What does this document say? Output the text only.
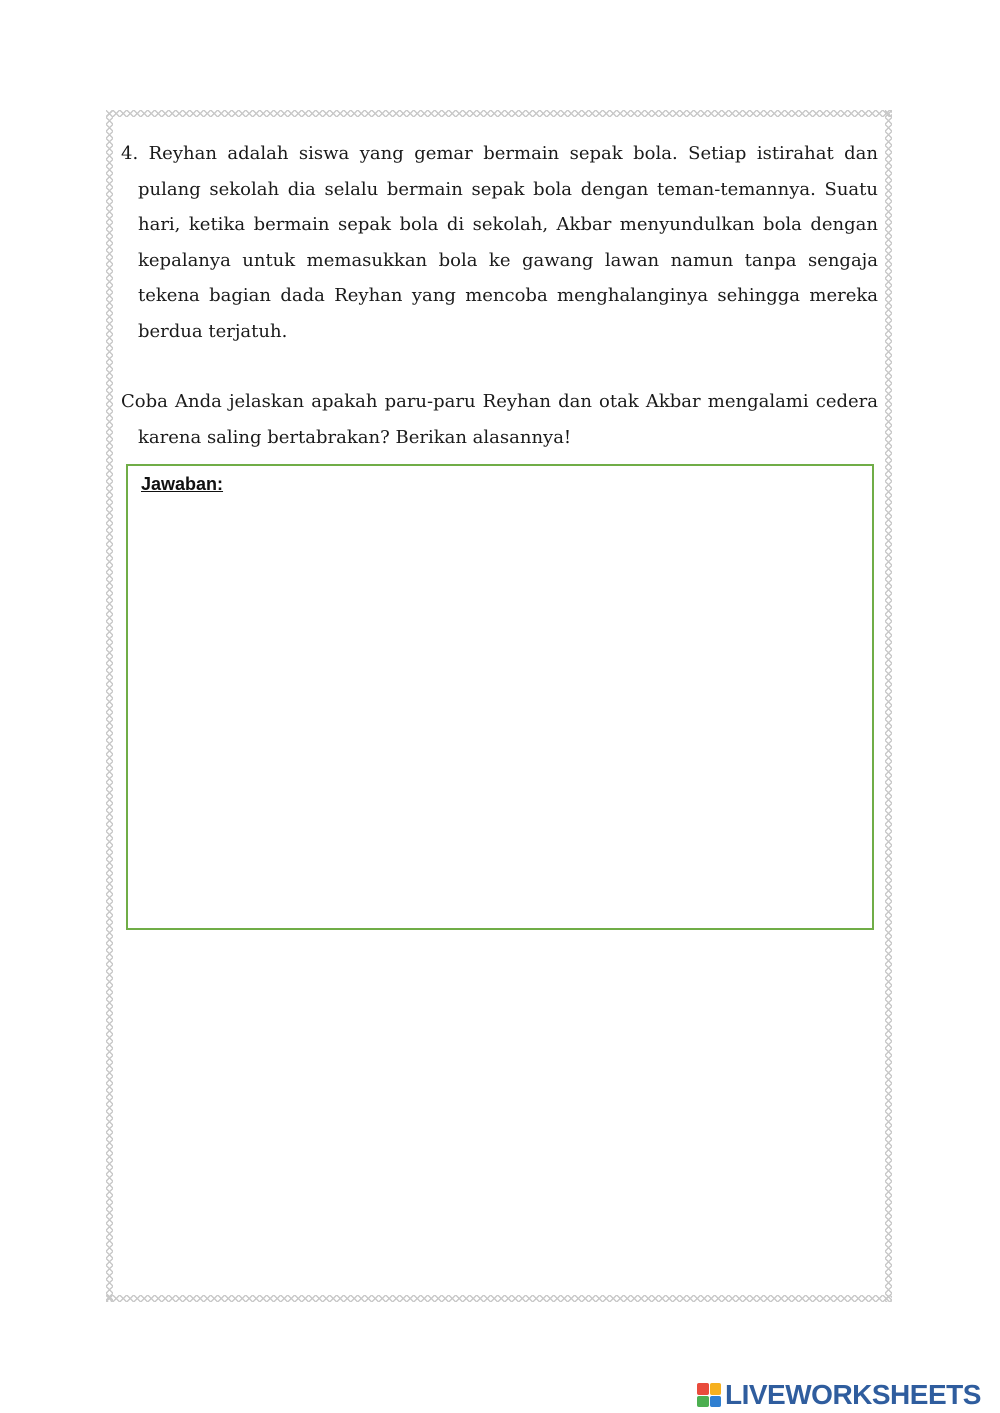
4. Reyhan adalah siswa yang gemar bermain sepak bola. Setiap istirahat dan pulang sekolah dia selalu bermain sepak bola dengan teman-temannya. Suatu hari, ketika bermain sepak bola di sekolah, Akbar menyundulkan bola dengan kepalanya untuk memasukkan bola ke gawang lawan namun tanpa sengaja tekena bagian dada Reyhan yang mencoba menghalanginya sehingga mereka berdua terjatuh.

Coba Anda jelaskan apakah paru-paru Reyhan dan otak Akbar mengalami cedera karena saling bertabrakan? Berikan alasannya!

Jawaban:
LIVEWORKSHEETS
